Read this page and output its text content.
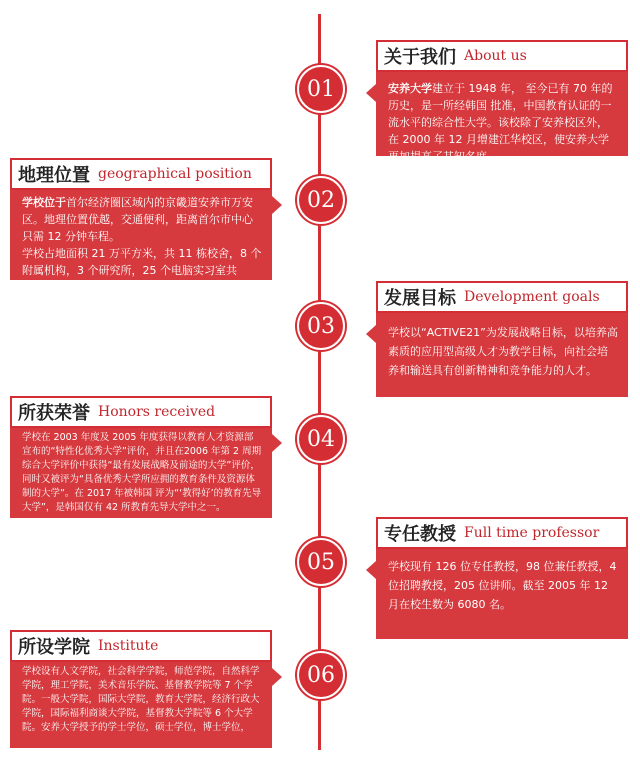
01
02
03
04
05
06
关于我们 About us
安养大学建立于 1948 年， 至今已有 70 年的历史，是一所经韩国 批准，中国教育认证的一流水平的综合性大学。该校除了安养校区外，在 2000 年 12 月增建江华校区，使安养大学更加提高了其知名度。
地理位置 geographical position
学校位于首尔经济圈区域内的京畿道安养市万安区。地理位置优越，交通便利，距离首尔市中心只需 12 分钟车程。
学校占地面积 21 万平方米，共 11 栋校舍，8 个附属机构，3 个研究所，25 个电脑实习室共 2000 余台电脑可供学生使用。
发展目标 Development goals
学校以“ACTIVE21”为发展战略目标，以培养高素质的应用型高级人才为教学目标，向社会培养和输送具有创新精神和竞争能力的人才。
所获荣誉 Honors received
学校在 2003 年度及 2005 年度获得以教育人才资源部宣布的“特性化优秀大学”评价，并且在2006 年第 2 周期综合大学评价中获得“最有发展战略及前途的大学”评价，同时又被评为“具备优秀大学所应拥的教育条件及资源体制的大学”。在 2017 年被韩国 评为“‘教得好’的教育先导大学”，是韩国仅有 42 所教育先导大学中之一。
专任教授 Full time professor
学校现有 126 位专任教授，98 位兼任教授，4 位招聘教授，205 位讲师。截至 2005 年 12 月在校生数为 6080 名。
所设学院 Institute
学校设有人文学院，社会科学学院，师范学院，自然科学学院，理工学院，美术音乐学院、基督教学院等 7 个学院。一般大学院，国际大学院，教育大学院，经济行政大学院，国际福利商谈大学院，基督教大学院等 6 个大学院。安养大学授予的学士学位，硕士学位，博士学位，
